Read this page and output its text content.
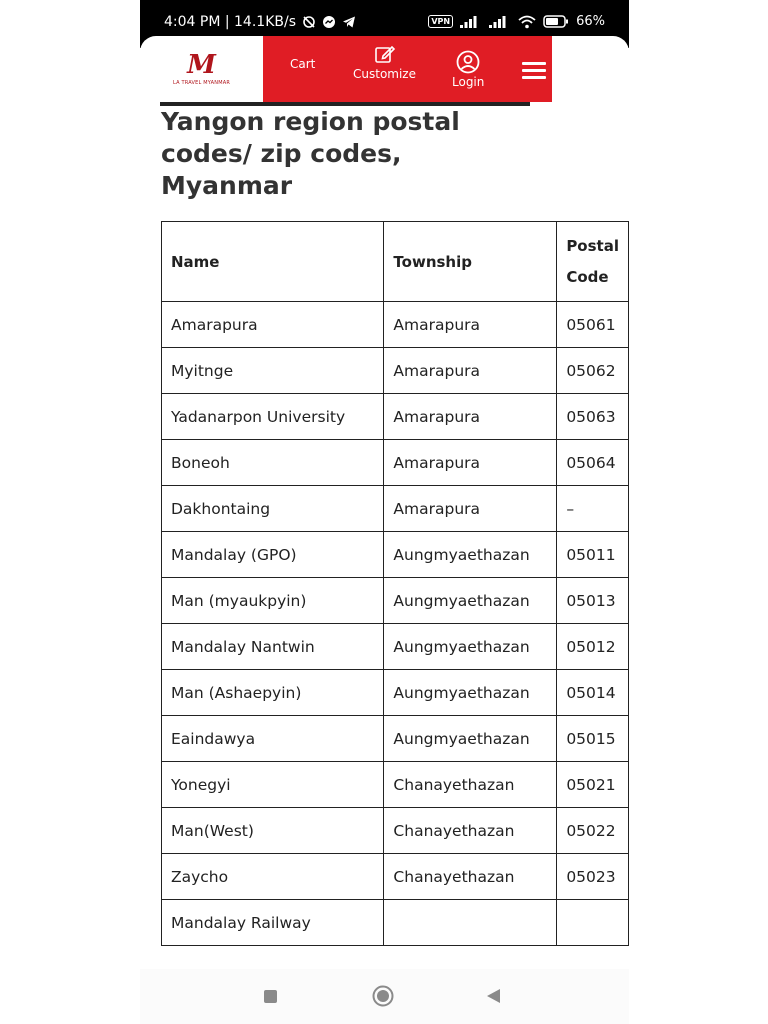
4:04 PM | 14.1KB/s	VPN	66%
M
LA TRAVEL MYANMAR
Cart
Customize
Login
Yangon region postal codes/ zip codes, Myanmar
Name	Township	Postal Code
Amarapura	Amarapura	05061
Myitnge	Amarapura	05062
Yadanarpon University	Amarapura	05063
Boneoh	Amarapura	05064
Dakhontaing	Amarapura	–
Mandalay (GPO)	Aungmyaethazan	05011
Man (myaukpyin)	Aungmyaethazan	05013
Mandalay Nantwin	Aungmyaethazan	05012
Man (Ashaepyin)	Aungmyaethazan	05014
Eaindawya	Aungmyaethazan	05015
Yonegyi	Chanayethazan	05021
Man(West)	Chanayethazan	05022
Zaycho	Chanayethazan	05023
Mandalay Railway		
